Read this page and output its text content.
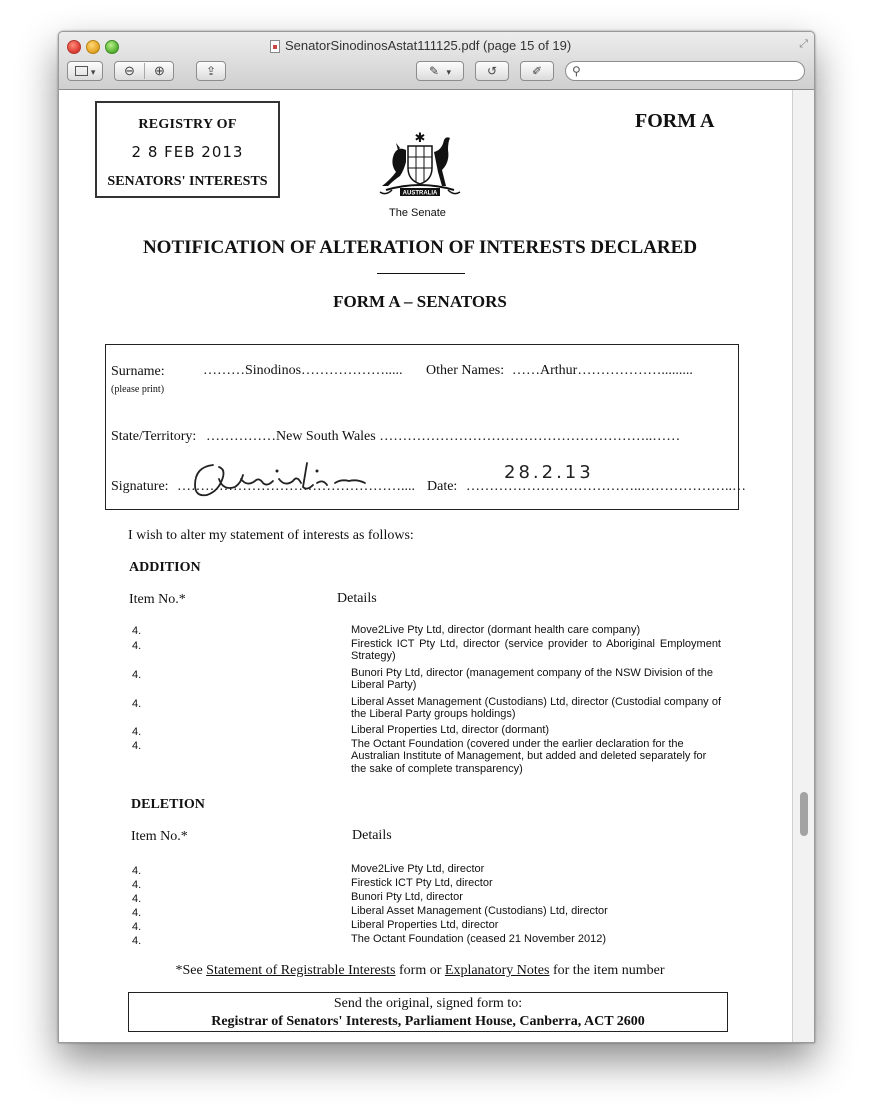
SenatorSinodinosAstat111125.pdf (page 15 of 19)	⤢
▾	⊖	⊕	⇪	✎ ▾	↺	✐	⚲
REGISTRY OF
2 8 FEB 2013
SENATORS' INTERESTS
FORM A
✱
AUSTRALIA
The Senate
NOTIFICATION OF ALTERATION OF INTERESTS DECLARED
FORM A – SENATORS
Surname:
(please print)
………Sinodinos………………..... Other Names: ……Arthur……………….........
State/Territory: ……………New South Wales …………………………………………………..……
Signature: ………………………………………….... Date: ………………………………..………………..…
28.2.13
I wish to alter my statement of interests as follows:
ADDITION
Item No.*	Details
4.	Move2Live Pty Ltd, director (dormant health care company)
4.	Firestick ICT Pty Ltd, director (service provider to Aboriginal Employment Strategy)
4.	Bunori Pty Ltd, director (management company of the NSW Division of the Liberal Party)
4.	Liberal Asset Management (Custodians) Ltd, director (Custodial company of the Liberal Party groups holdings)
4.	Liberal Properties Ltd, director (dormant)
4.	The Octant Foundation (covered under the earlier declaration for the Australian Institute of Management, but added and deleted separately for the sake of complete transparency)
DELETION
Item No.*	Details
4.	Move2Live Pty Ltd, director
4.	Firestick ICT Pty Ltd, director
4.	Bunori Pty Ltd, director
4.	Liberal Asset Management (Custodians) Ltd, director
4.	Liberal Properties Ltd, director
4.	The Octant Foundation (ceased 21 November 2012)
*See Statement of Registrable Interests form or Explanatory Notes for the item number
Send the original, signed form to:
Registrar of Senators' Interests, Parliament House, Canberra, ACT 2600
